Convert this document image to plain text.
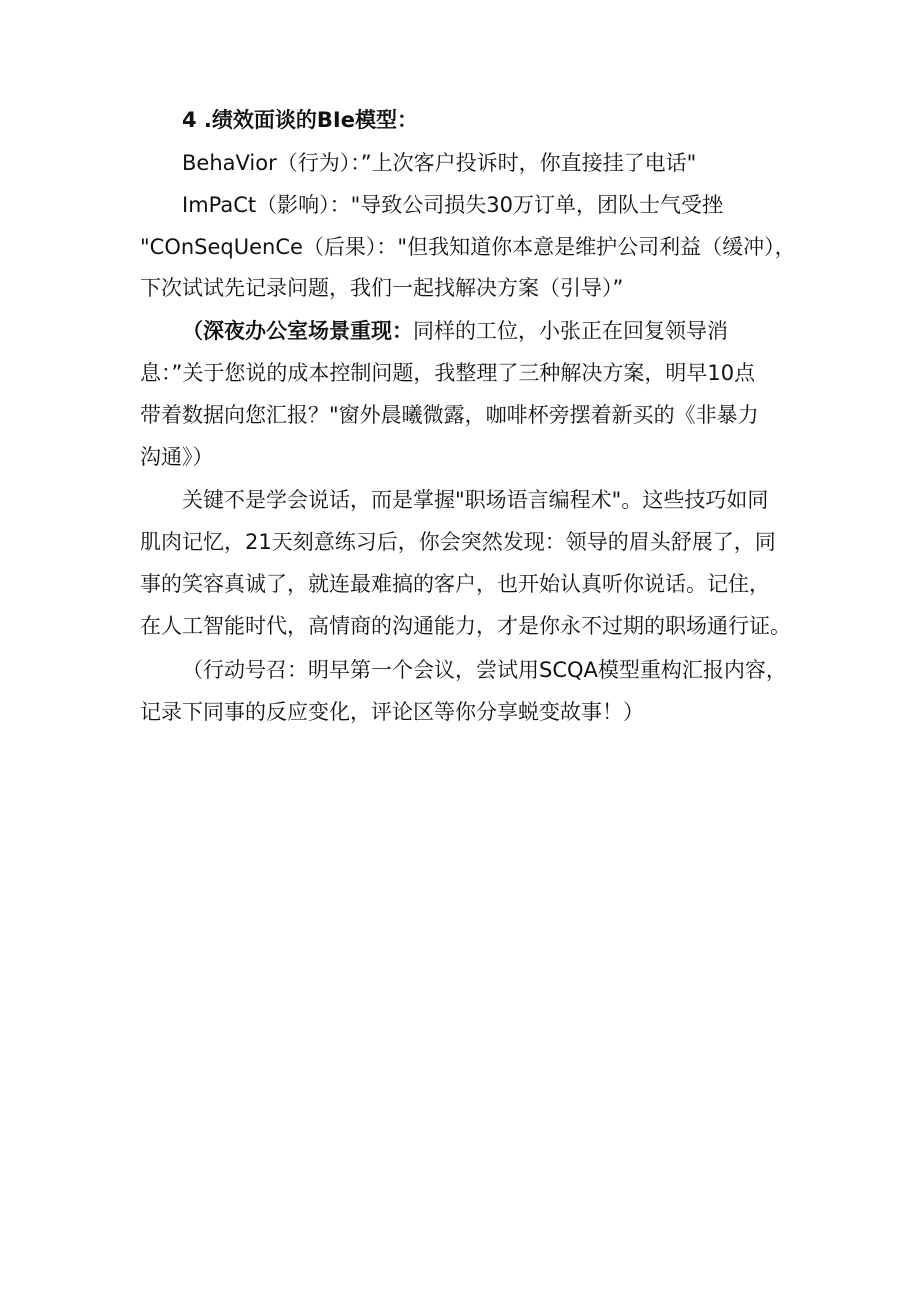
4 .绩效面谈的BIe模型：
BehaVior（行为）：”上次客户投诉时，你直接挂了电话"
ImPaCt（影响）："导致公司损失30万订单，团队士气受挫
"COnSeqUenCe（后果）："但我知道你本意是维护公司利益（缓冲），
下次试试先记录问题，我们一起找解决方案（引导）”
（深夜办公室场景重现：同样的工位，小张正在回复领导消
息：”关于您说的成本控制问题，我整理了三种解决方案，明早10点
带着数据向您汇报？"窗外晨曦微露，咖啡杯旁摆着新买的《非暴力
沟通》）
关键不是学会说话，而是掌握"职场语言编程术"。这些技巧如同
肌肉记忆，21天刻意练习后，你会突然发现：领导的眉头舒展了，同
事的笑容真诚了，就连最难搞的客户，也开始认真听你说话。记住，
在人工智能时代，高情商的沟通能力，才是你永不过期的职场通行证。
（行动号召：明早第一个会议，尝试用SCQA模型重构汇报内容，
记录下同事的反应变化，评论区等你分享蜕变故事！）
